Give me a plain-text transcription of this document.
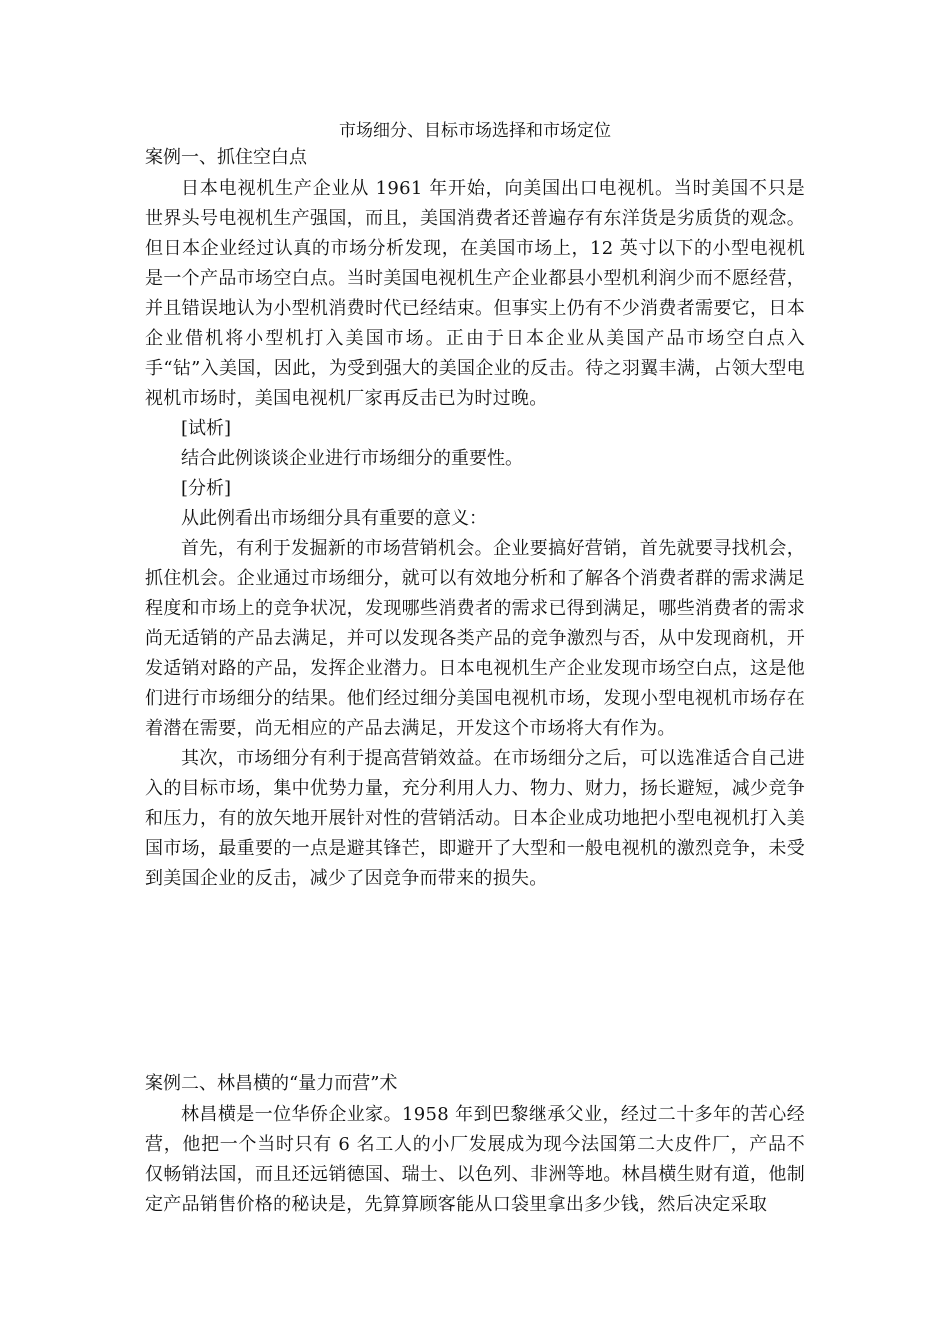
市场细分、目标市场选择和市场定位
案例一、抓住空白点

日本电视机生产企业从 1961 年开始，向美国出口电视机。当时美国不只是世界头号电视机生产强国，而且，美国消费者还普遍存有东洋货是劣质货的观念。但日本企业经过认真的市场分析发现，在美国市场上，12 英寸以下的小型电视机是一个产品市场空白点。当时美国电视机生产企业都县小型机利润少而不愿经营，并且错误地认为小型机消费时代已经结束。但事实上仍有不少消费者需要它，日本企业借机将小型机打入美国市场。正由于日本企业从美国产品市场空白点入手“钻”入美国，因此，为受到强大的美国企业的反击。待之羽翼丰满，占领大型电视机市场时，美国电视机厂家再反击已为时过晚。

[试析]
结合此例谈谈企业进行市场细分的重要性。
[分析]
从此例看出市场细分具有重要的意义：

首先，有利于发掘新的市场营销机会。企业要搞好营销，首先就要寻找机会，抓住机会。企业通过市场细分，就可以有效地分析和了解各个消费者群的需求满足程度和市场上的竞争状况，发现哪些消费者的需求已得到满足，哪些消费者的需求尚无适销的产品去满足，并可以发现各类产品的竞争激烈与否，从中发现商机，开发适销对路的产品，发挥企业潜力。日本电视机生产企业发现市场空白点，这是他们进行市场细分的结果。他们经过细分美国电视机市场，发现小型电视机市场存在着潜在需要，尚无相应的产品去满足，开发这个市场将大有作为。

其次，市场细分有利于提高营销效益。在市场细分之后，可以选准适合自己进入的目标市场，集中优势力量，充分利用人力、物力、财力，扬长避短，减少竞争和压力，有的放矢地开展针对性的营销活动。日本企业成功地把小型电视机打入美国市场，最重要的一点是避其锋芒，即避开了大型和一般电视机的激烈竞争，未受到美国企业的反击，减少了因竞争而带来的损失。

案例二、林昌横的“量力而营”术

林昌横是一位华侨企业家。1958 年到巴黎继承父业，经过二十多年的苦心经营，他把一个当时只有 6 名工人的小厂发展成为现今法国第二大皮件厂，产品不仅畅销法国，而且还远销德国、瑞士、以色列、非洲等地。林昌横生财有道，他制定产品销售价格的秘诀是，先算算顾客能从口袋里拿出多少钱，然后决定采取
